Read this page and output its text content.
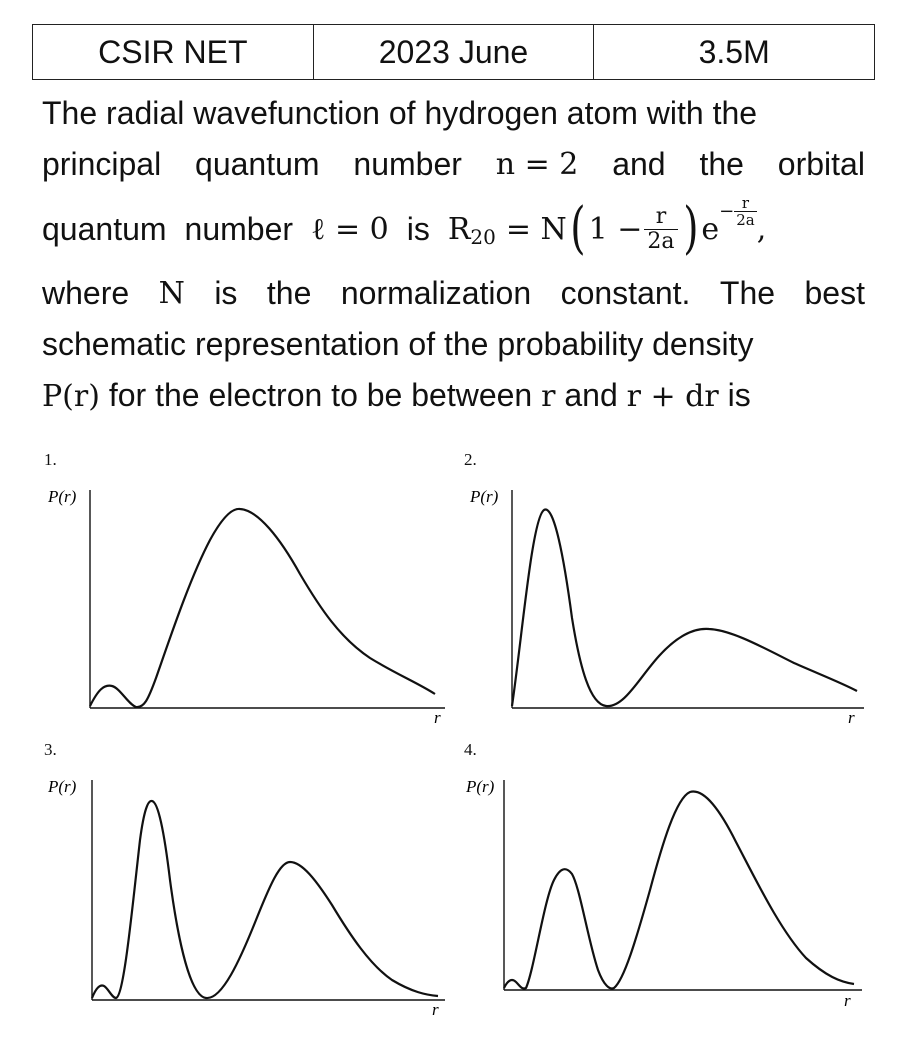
CSIR NET	2023 June	3.5M
The radial wavefunction of hydrogen atom with the
principal quantum number n = 2 and the orbital
quantum number ℓ = 0 is R 20 = N ( $1 - \frac{r}{2a}$ ) e
− $\frac{r}{2a}$
,
where N is the normalization constant. The best
schematic representation of the probability density
P(r) for the electron to be between r and r + dr is
1.	2.
3.	4.
P(r)
r
P(r)
r
P(r)
r
P(r)
r
